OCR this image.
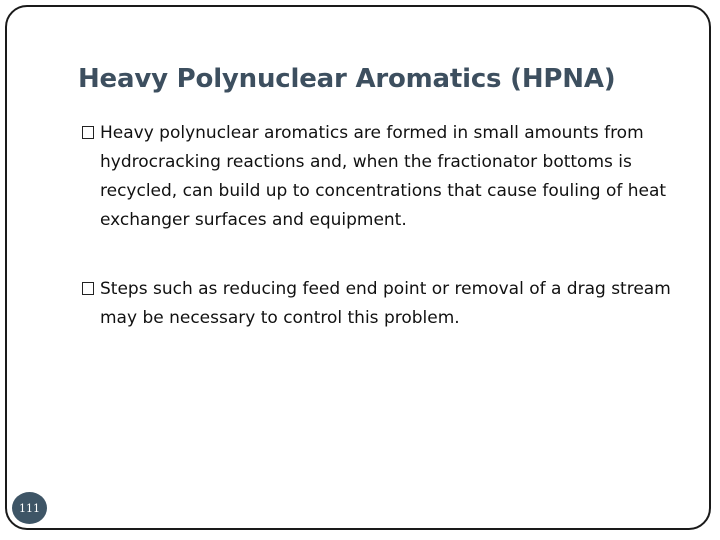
Heavy Polynuclear Aromatics (HPNA)
Heavy polynuclear aromatics are formed in small amounts from hydrocracking reactions and, when the fractionator bottoms is recycled, can build up to concentrations that cause fouling of heat exchanger surfaces and equipment.
Steps such as reducing feed end point or removal of a drag stream may be necessary to control this problem.
111
